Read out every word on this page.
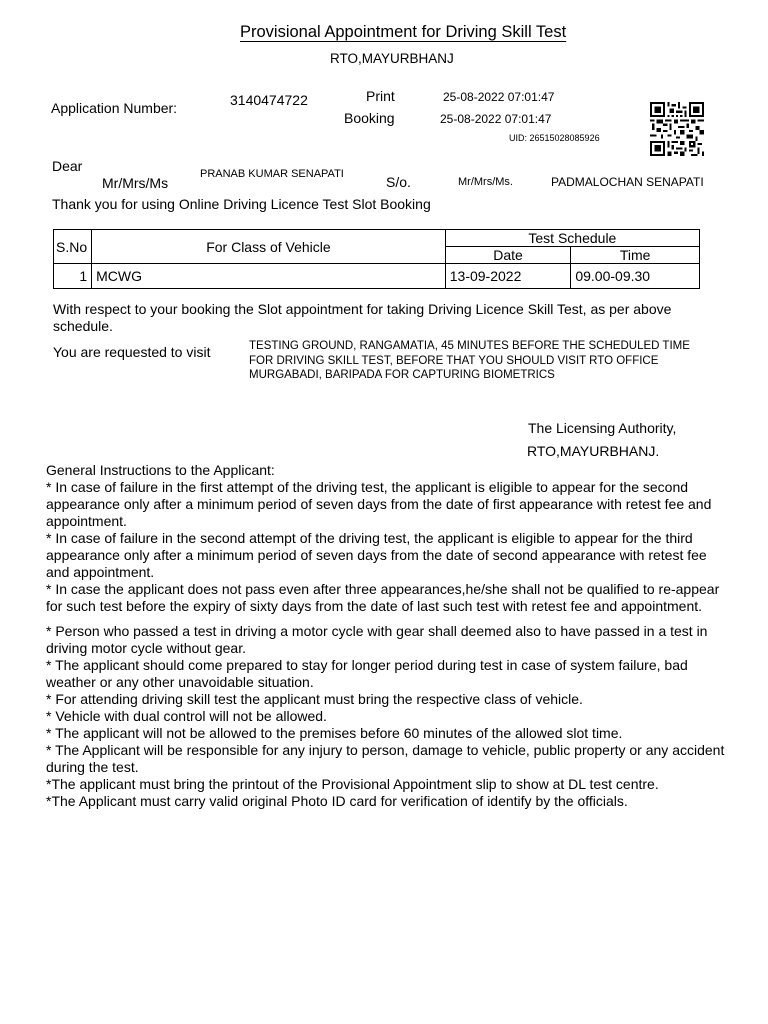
Provisional Appointment for Driving Skill Test
RTO,MAYURBHANJ
Application Number:	3140474722	Print	25-08-2022 07:01:47
Booking	25-08-2022 07:01:47
UID: 26515028085926
Dear
Mr/Mrs/Ms
PRANAB KUMAR SENAPATI	S/o.	Mr/Mrs/Ms.	PADMALOCHAN SENAPATI
Thank you for using Online Driving Licence Test Slot Booking
S.No	For Class of Vehicle	Test Schedule	
		Date	Time
1	MCWG	13-09-2022	09.00-09.30
With respect to your booking the Slot appointment for taking Driving Licence Skill Test, as per above schedule.
You are requested to visit	TESTING GROUND, RANGAMATIA, 45 MINUTES BEFORE THE SCHEDULED TIME FOR DRIVING SKILL TEST, BEFORE THAT YOU SHOULD VISIT RTO OFFICE MURGABADI, BARIPADA FOR CAPTURING BIOMETRICS
The Licensing Authority,
RTO,MAYURBHANJ.
General Instructions to the Applicant:
* In case of failure in the first attempt of the driving test, the applicant is eligible to appear for the second appearance only after a minimum period of seven days from the date of first appearance with retest fee and appointment.
* In case of failure in the second attempt of the driving test, the applicant is eligible to appear for the third appearance only after a minimum period of seven days from the date of second appearance with retest fee and appointment.
* In case the applicant does not pass even after three appearances,he/she shall not be qualified to re-appear for such test before the expiry of sixty days from the date of last such test with retest fee and appointment.
* Person who passed a test in driving a motor cycle with gear shall deemed also to have passed in a test in driving motor cycle without gear.
* The applicant should come prepared to stay for longer period during test in case of system failure, bad weather or any other unavoidable situation.
* For attending driving skill test the applicant must bring the respective class of vehicle.
* Vehicle with dual control will not be allowed.
* The applicant will not be allowed to the premises before 60 minutes of the allowed slot time.
* The Applicant will be responsible for any injury to person, damage to vehicle, public property or any accident during the test.
*The applicant must bring the printout of the Provisional Appointment slip to show at DL test centre.
*The Applicant must carry valid original Photo ID card for verification of identify by the officials.
